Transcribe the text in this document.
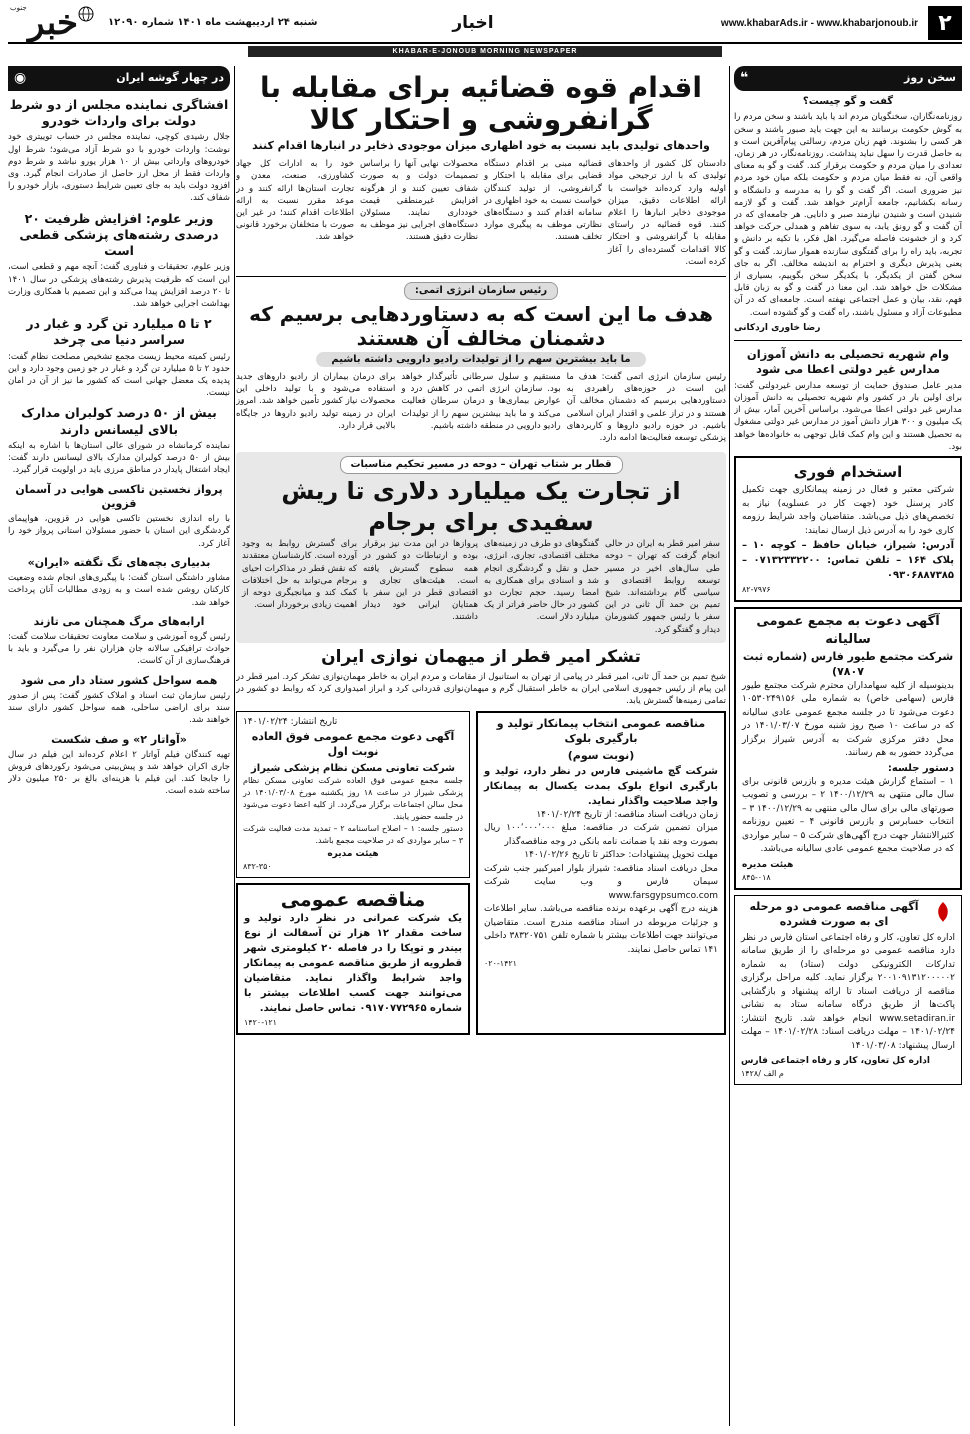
۲
www.khabarAds.ir - www.khabarjonoub.ir
اخبار
شنبه ۲۴ اردیبهشت ماه ۱۴۰۱ شماره ۱۲۰۹۰
خبر
جنوب
KHABAR-E-JONOUB MORNING NEWSPAPER
سخن روز
❝
گفت و گو چیست؟

روزنامه‌نگاران، سخنگویان مردم اند یا باید باشند و سخن مردم را به گوش حکومت برسانند به این جهت باید صبور باشند و سخن هر کسی را بشنوند. فهم زبان مردم، رسالتی پیام‌آفرین است و به حاصل قدرت را سهل نباید پنداشت. روزنامه‌نگار، در هر زمان، تعدادی را میان مردم و حکومت برقرار کند. گفت و گو به معنای واقعی آن، نه فقط میان مردم و حکومت بلکه میان خود مردم نیز ضروری است. اگر گفت و گو را به مدرسه و دانشگاه و رسانه بکشانیم، جامعه آرام‌تر خواهد شد. گفت و گو لازمه شنیدن است و شنیدن نیازمند صبر و دانایی. هر جامعه‌ای که در آن گفت و گو رونق یابد، به سوی تفاهم و همدلی حرکت خواهد کرد و از خشونت فاصله می‌گیرد. اهل فکر، با تکیه بر دانش و تجربه، باید راه را برای گفتگوی سازنده هموار سازند. گفت و گو یعنی پذیرش دیگری و احترام به اندیشه مخالف. اگر به جای سخن گفتن از یکدیگر، با یکدیگر سخن بگوییم، بسیاری از مشکلات حل خواهد شد. این معنا در گفت و گو به زبان قابل فهم، نقد، بیان و عمل اجتماعی نهفته است. جامعه‌ای که در آن مطبوعات آزاد و مسئول باشند، راه گفت و گو گشوده است.

رضا خاوری اردکانی
وام شهریه تحصیلی به دانش آموزان مدارس غیر دولتی اعطا می شود

مدیر عامل صندوق حمایت از توسعه مدارس غیردولتی گفت: برای اولین بار در کشور وام شهریه تحصیلی به دانش آموزان مدارس غیر دولتی اعطا می‌شود. براساس آخرین آمار، بیش از یک میلیون و ۳۰۰ هزار دانش آموز در مدارس غیر دولتی مشغول به تحصیل هستند و این وام کمک قابل توجهی به خانواده‌ها خواهد بود.

استخدام فوری
شرکتی معتبر و فعال در زمینه پیمانکاری جهت تکمیل کادر پرسنل خود (جهت کار در عسلویه) نیاز به تخصص‌های ذیل می‌باشد. متقاضیان واجد شرایط رزومه کاری خود را به آدرس ذیل ارسال نمایند:
آدرس: شیراز، خیابان حافظ – کوچه ۱۰ – پلاک ۱۶۴ – تلفن تماس: ۰۷۱۳۲۳۳۲۲۰۰ – ۰۹۳۰۶۸۸۷۳۸۵
۸۲-۷۹۷۶
آگهی دعوت به مجمع عمومی سالیانه
شرکت مجتمع طیور فارس (شماره ثبت ۷۸۰۷)
بدینوسیله از کلیه سهامداران محترم شرکت مجتمع طیور فارس (سهامی خاص) به شماره ملی ۱۰۵۳۰۲۴۹۱۵۶ دعوت می‌شود تا در جلسه مجمع عمومی عادی سالیانه که در ساعت ۱۰ صبح روز شنبه مورخ ۱۴۰۱/۰۳/۰۷ در محل دفتر مرکزی شرکت به آدرس شیراز برگزار می‌گردد حضور به هم رسانند.
دستور جلسه:
۱ – استماع گزارش هیئت مدیره و بازرس قانونی برای سال مالی منتهی به ۱۴۰۰/۱۲/۲۹ ۲ – بررسی و تصویب صورتهای مالی برای سال مالی منتهی به ۱۴۰۰/۱۲/۲۹ ۳ – انتخاب حسابرس و بازرس قانونی ۴ – تعیین روزنامه کثیرالانتشار جهت درج آگهی‌های شرکت ۵ – سایر مواردی که در صلاحیت مجمع عمومی عادی سالیانه می‌باشد.
هیئت مدیره
۸۴۵-۰۱۸
آگهی مناقصه عمومی دو مرحله ای به صورت فشرده
اداره کل تعاون، کار و رفاه اجتماعی استان فارس در نظر دارد مناقصه عمومی دو مرحله‌ای را از طریق سامانه تدارکات الکترونیکی دولت (ستاد) به شماره ۲۰۰۱۰۹۱۳۱۲۰۰۰۰۰۲ برگزار نماید. کلیه مراحل برگزاری مناقصه از دریافت اسناد تا ارائه پیشنهاد و بازگشایی پاکت‌ها از طریق درگاه سامانه ستاد به نشانی www.setadiran.ir انجام خواهد شد. تاریخ انتشار: ۱۴۰۱/۰۲/۲۴ – مهلت دریافت اسناد: ۱۴۰۱/۰۲/۲۸ – مهلت ارسال پیشنهاد: ۱۴۰۱/۰۳/۰۸
اداره کل تعاون، کار و رفاه اجتماعی فارس
۱۴۲۸/ م الف
اقدام قوه قضائیه برای مقابله با گرانفروشی و احتکار کالا
واحدهای تولیدی باید نسبت به خود اظهاری میزان موجودی ذخایر در انبارها اقدام کنند

دادستان کل کشور از واحدهای تولیدی که با ارز ترجیحی مواد اولیه وارد کرده‌اند خواست با ارائه اطلاعات دقیق، میزان موجودی ذخایر انبارها را اعلام کنند. قوه قضائیه در راستای مقابله با گرانفروشی و احتکار کالا اقدامات گسترده‌ای را آغاز کرده است.

قضائیه مبنی بر اقدام دستگاه قضایی برای مقابله با احتکار و گرانفروشی، از تولید کنندگان خواست نسبت به خود اظهاری در سامانه اقدام کنند و دستگاه‌های نظارتی موظف به پیگیری موارد تخلف هستند.

محصولات نهایی آنها را براساس تصمیمات دولت و به صورت شفاف تعیین کنند و از هرگونه افزایش غیرمنطقی قیمت خودداری نمایند. مسئولان دستگاه‌های اجرایی نیز موظف به نظارت دقیق هستند.

خود را به ادارات کل جهاد کشاورزی، صنعت، معدن و تجارت استان‌ها ارائه کنند و در موعد مقرر نسبت به ارائه اطلاعات اقدام کنند؛ در غیر این صورت با متخلفان برخورد قانونی خواهد شد.

رئیس سازمان انرژی اتمی:
هدف ما این است که به دستاوردهایی برسیم که دشمنان مخالف آن هستند
ما باید بیشترین سهم را از تولیدات رادیو دارویی داشته باشیم

رئیس سازمان انرژی اتمی گفت: هدف ما این است در حوزه‌های راهبردی به دستاوردهایی برسیم که دشمنان مخالف آن هستند و در تراز علمی و اقتدار ایران اسلامی باشیم. در حوزه رادیو داروها و کاربردهای پزشکی توسعه فعالیت‌ها ادامه دارد.

مستقیم و سلول سرطانی تأثیرگذار خواهد بود. سازمان انرژی اتمی در کاهش درد و عوارض بیماری‌ها و درمان سرطان فعالیت می‌کند و ما باید بیشترین سهم را از تولیدات رادیو دارویی در منطقه داشته باشیم.

برای درمان بیماران از رادیو داروهای جدید استفاده می‌شود و با تولید داخلی این محصولات نیاز کشور تأمین خواهد شد. امروز ایران در زمینه تولید رادیو داروها در جایگاه بالایی قرار دارد.

قطار بر شتاب تهران – دوحه در مسیر تحکیم مناسبات
از تجارت یک میلیارد دلاری تا ریش سفیدی برای برجام

سفر امیر قطر به ایران در حالی انجام گرفت که تهران – دوحه طی سال‌های اخیر در مسیر توسعه روابط اقتصادی و سیاسی گام برداشته‌اند. شیخ تمیم بن حمد آل ثانی در این سفر با رئیس جمهور کشورمان دیدار و گفتگو کرد.

گفتگوهای دو طرف در زمینه‌های مختلف اقتصادی، تجاری، انرژی، حمل و نقل و گردشگری انجام شد و اسنادی برای همکاری به امضا رسید. حجم تجارت دو کشور در حال حاضر فراتر از یک میلیارد دلار است.

پروازها در این مدت نیز برقرار بوده و ارتباطات دو کشور در همه سطوح گسترش یافته است. هیئت‌های تجاری و اقتصادی قطر در این سفر با همتایان ایرانی خود دیدار داشتند.

برای گسترش روابط به وجود آورده است. کارشناسان معتقدند که نقش قطر در مذاکرات احیای برجام می‌تواند به حل اختلافات کمک کند و میانجیگری دوحه از اهمیت زیادی برخوردار است.

تشکر امیر قطر از میهمان نوازی ایران

شیخ تمیم بن حمد آل ثانی، امیر قطر در پیامی از تهران به استانبول از مقامات و مردم ایران به خاطر مهمان‌نوازی تشکر کرد. امیر قطر در این پیام از رئیس جمهوری اسلامی ایران به خاطر استقبال گرم و میهمان‌نوازی قدردانی کرد و ابراز امیدواری کرد که روابط دو کشور در تمامی زمینه‌ها گسترش یابد.

مناقصه عمومی انتخاب پیمانکار تولید و بارگیری بلوک
(نوبت سوم)
شرکت گچ ماشینی فارس در نظر دارد، تولید و بارگیری انواع بلوک بمدت یکسال به پیمانکار واجد صلاحیت واگذار نماید.
زمان دریافت اسناد مناقصه: از تاریخ ۱۴۰۱/۰۲/۲۴
میزان تضمین شرکت در مناقصه: مبلغ ۱۰۰٬۰۰۰٬۰۰۰ ریال بصورت وجه نقد یا ضمانت نامه بانکی در وجه مناقصه‌گذار
مهلت تحویل پیشنهادات: حداکثر تا تاریخ ۱۴۰۱/۰۲/۲۶
محل دریافت اسناد مناقصه: شیراز بلوار امیرکبیر جنب شرکت سیمان فارس و وب سایت شرکت www.farsgypsumco.com
هزینه درج آگهی برعهده برنده مناقصه می‌باشد. سایر اطلاعات و جزئیات مربوطه در اسناد مناقصه مندرج است. متقاضیان می‌توانند جهت اطلاعات بیشتر با شماره تلفن ۳۸۳۲۰۷۵۱ داخلی ۱۴۱ تماس حاصل نمایند.
۰۲۰-۱۴۲۱
تاریخ انتشار: ۱۴۰۱/۰۲/۲۴
آگهی دعوت مجمع عمومی فوق العاده نوبت اول
شرکت تعاونی مسکن نظام پزشکی شیراز
جلسه مجمع عمومی فوق العاده شرکت تعاونی مسکن نظام پزشکی شیراز در ساعت ۱۸ روز یکشنبه مورخ ۱۴۰۱/۰۳/۰۸ در محل سالن اجتماعات برگزار می‌گردد. از کلیه اعضا دعوت می‌شود در جلسه حضور یابند.
دستور جلسه: ۱ – اصلاح اساسنامه ۲ – تمدید مدت فعالیت شرکت ۳ – سایر مواردی که در صلاحیت مجمع باشد.
هیئت مدیره
۸۳۲-۳۵۰
مناقصه عمومی
یک شرکت عمرانی در نظر دارد تولید و ساخت مقدار ۱۲ هزار تن آسفالت از نوع بیندر و توپکا را در فاصله ۲۰ کیلومتری شهر قطرویه از طریق مناقصه عمومی به پیمانکار واجد شرایط واگذار نماید. متقاضیان می‌توانند جهت کسب اطلاعات بیشتر با شماره ۰۹۱۷۰۷۷۲۹۶۵ تماس حاصل نمایند.
۱۴۲۰-۱۲۱
در چهار گوشه ایران
◉
افشاگری نماینده مجلس از دو شرط دولت برای واردات خودرو

جلال رشیدی کوچی، نماینده مجلس در حساب توییتری خود نوشت: واردات خودرو با دو شرط آزاد می‌شود؛ شرط اول خودروهای وارداتی بیش از ۱۰ هزار یورو نباشد و شرط دوم واردات فقط از محل ارز حاصل از صادرات انجام گیرد. وی افزود دولت باید به جای تعیین شرایط دستوری، بازار خودرو را شفاف کند.

وزیر علوم: افزایش ظرفیت ۲۰ درصدی رشته‌های پزشکی قطعی است

وزیر علوم، تحقیقات و فناوری گفت: آنچه مهم و قطعی است، این است که ظرفیت پذیرش رشته‌های پزشکی در سال ۱۴۰۱ تا ۲۰ درصد افزایش پیدا می‌کند و این تصمیم با همکاری وزارت بهداشت اجرایی خواهد شد.

۲ تا ۵ میلیارد تن گرد و غبار در سراسر دنیا می چرخد

رئیس کمیته محیط زیست مجمع تشخیص مصلحت نظام گفت: حدود ۲ تا ۵ میلیارد تن گرد و غبار در جو زمین وجود دارد و این پدیده یک معضل جهانی است که کشور ما نیز از آن در امان نیست.

بیش از ۵۰ درصد کولبران مدارک بالای لیسانس دارند

نماینده کرمانشاه در شورای عالی استان‌ها با اشاره به اینکه بیش از ۵۰ درصد کولبران مدارک بالای لیسانس دارند گفت: ایجاد اشتغال پایدار در مناطق مرزی باید در اولویت قرار گیرد.

پرواز نخستین تاکسی هوایی در آسمان قزوین

با راه اندازی نخستین تاکسی هوایی در قزوین، هواپیمای گردشگری این استان با حضور مسئولان استانی پرواز خود را آغاز کرد.

بدبیاری بچه‌های تگ تگفته «ایران»

مشاور داشتگی استان گفت: با پیگیری‌های انجام شده وضعیت کارکنان روشن شده است و به زودی مطالبات آنان پرداخت خواهد شد.

ارابه‌های مرگ همچنان می تازند

رئیس گروه آموزشی و سلامت معاونت تحقیقات سلامت گفت: حوادث ترافیکی سالانه جان هزاران نفر را می‌گیرد و باید با فرهنگ‌سازی از آن کاست.

همه سواحل کشور ستاد دار می شود

رئیس سازمان ثبت اسناد و املاک کشور گفت: پس از صدور سند برای اراضی ساحلی، همه سواحل کشور دارای سند خواهند شد.

«آواتار ۲» و صف شکست

تهیه کنندگان فیلم آواتار ۲ اعلام کرده‌اند این فیلم در سال جاری اکران خواهد شد و پیش‌بینی می‌شود رکوردهای فروش را جابجا کند. این فیلم با هزینه‌ای بالغ بر ۲۵۰ میلیون دلار ساخته شده است.
